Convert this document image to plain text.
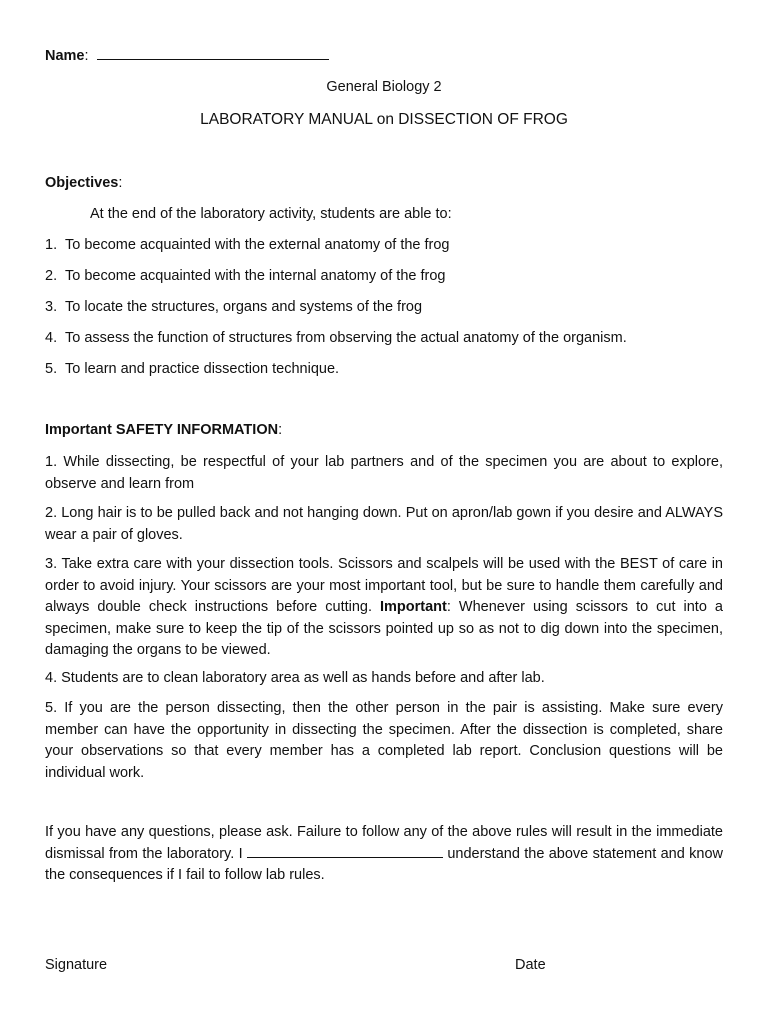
Name:
General Biology 2
LABORATORY MANUAL on DISSECTION OF FROG
Objectives:
At the end of the laboratory activity, students are able to:
1. To become acquainted with the external anatomy of the frog
2. To become acquainted with the internal anatomy of the frog
3. To locate the structures, organs and systems of the frog
4. To assess the function of structures from observing the actual anatomy of the organism.
5. To learn and practice dissection technique.
Important SAFETY INFORMATION:
1. While dissecting, be respectful of your lab partners and of the specimen you are about to explore, observe and learn from
2. Long hair is to be pulled back and not hanging down. Put on apron/lab gown if you desire and ALWAYS wear a pair of gloves.
3. Take extra care with your dissection tools. Scissors and scalpels will be used with the BEST of care in order to avoid injury. Your scissors are your most important tool, but be sure to handle them carefully and always double check instructions before cutting. Important: Whenever using scissors to cut into a specimen, make sure to keep the tip of the scissors pointed up so as not to dig down into the specimen, damaging the organs to be viewed.
4. Students are to clean laboratory area as well as hands before and after lab.
5. If you are the person dissecting, then the other person in the pair is assisting. Make sure every member can have the opportunity in dissecting the specimen. After the dissection is completed, share your observations so that every member has a completed lab report. Conclusion questions will be individual work.
If you have any questions, please ask. Failure to follow any of the above rules will result in the immediate dismissal from the laboratory. I	understand the above statement and know the consequences if I fail to follow lab rules.
Signature	Date
